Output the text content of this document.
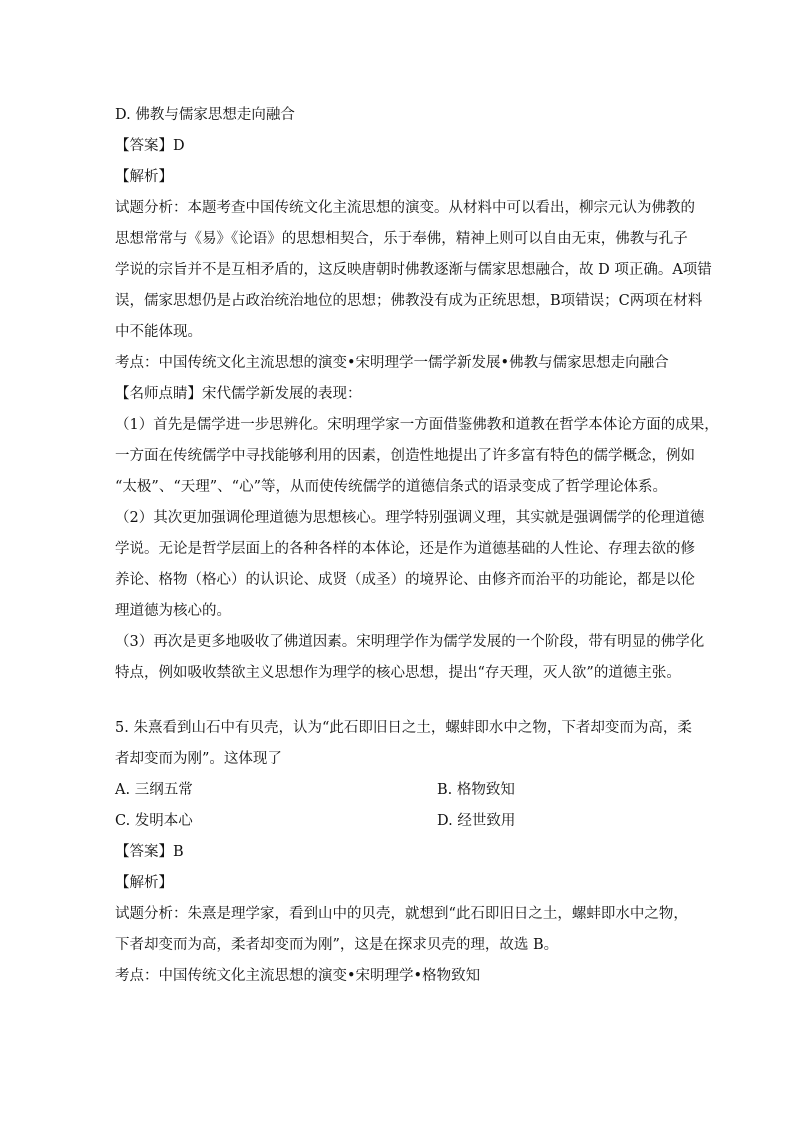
D. 佛教与儒家思想走向融合
【答案】D
【解析】
试题分析：本题考查中国传统文化主流思想的演变。从材料中可以看出，柳宗元认为佛教的
思想常常与《易》《论语》的思想相契合，乐于奉佛，精神上则可以自由无束，佛教与孔子
学说的宗旨并不是互相矛盾的，这反映唐朝时佛教逐渐与儒家思想融合，故 D 项正确。A项错
误，儒家思想仍是占政治统治地位的思想；佛教没有成为正统思想，B项错误；C两项在材料
中不能体现。
考点：中国传统文化主流思想的演变•宋明理学一儒学新发展•佛教与儒家思想走向融合
【名师点睛】宋代儒学新发展的表现：
（1）首先是儒学进一步思辨化。宋明理学家一方面借鉴佛教和道教在哲学本体论方面的成果，
一方面在传统儒学中寻找能够利用的因素，创造性地提出了许多富有特色的儒学概念，例如
“太极”、“天理”、“心”等，从而使传统儒学的道德信条式的语录变成了哲学理论体系。
（2）其次更加强调伦理道德为思想核心。理学特别强调义理，其实就是强调儒学的伦理道德
学说。无论是哲学层面上的各种各样的本体论，还是作为道德基础的人性论、存理去欲的修
养论、格物（格心）的认识论、成贤（成圣）的境界论、由修齐而治平的功能论，都是以伦
理道德为核心的。
（3）再次是更多地吸收了佛道因素。宋明理学作为儒学发展的一个阶段，带有明显的佛学化
特点，例如吸收禁欲主义思想作为理学的核心思想，提出“存天理，灭人欲”的道德主张。
5. 朱熹看到山石中有贝壳，认为“此石即旧日之土，螺蚌即水中之物，下者却变而为高，柔
者却变而为刚”。这体现了
A. 三纲五常	B. 格物致知
C. 发明本心	D. 经世致用
【答案】B
【解析】
试题分析：朱熹是理学家，看到山中的贝壳，就想到“此石即旧日之土，螺蚌即水中之物，
下者却变而为高，柔者却变而为刚”，这是在探求贝壳的理，故选 B。
考点：中国传统文化主流思想的演变•宋明理学•格物致知
